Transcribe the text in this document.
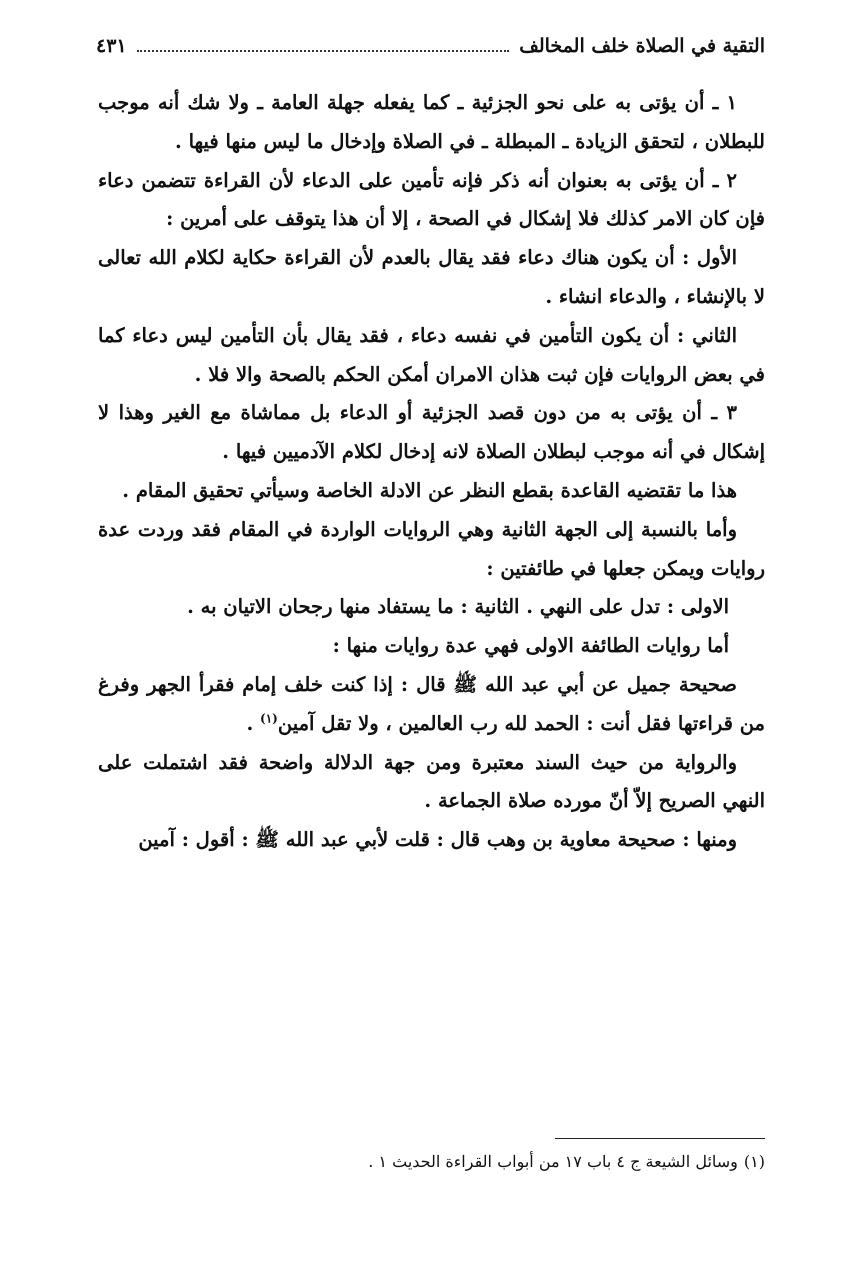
التقية في الصلاة خلف المخالف
٤٣١

١ ـ أن يؤتى به على نحو الجزئية ـ كما يفعله جهلة العامة ـ ولا شك أنه موجب للبطلان ، لتحقق الزيادة ـ المبطلة ـ في الصلاة وإدخال ما ليس منها فيها .

٢ ـ أن يؤتى به بعنوان أنه ذكر فإنه تأمين على الدعاء لأن القراءة تتضمن دعاء فإن كان الامر كذلك فلا إشكال في الصحة ، إلا أن هذا يتوقف على أمرين :

الأول : أن يكون هناك دعاء فقد يقال بالعدم لأن القراءة حكاية لكلام الله تعالى لا بالإنشاء ، والدعاء انشاء .

الثاني : أن يكون التأمين في نفسه دعاء ، فقد يقال بأن التأمين ليس دعاء كما في بعض الروايات فإن ثبت هذان الامران أمكن الحكم بالصحة والا فلا .

٣ ـ أن يؤتى به من دون قصد الجزئية أو الدعاء بل مماشاة مع الغير وهذا لا إشكال في أنه موجب لبطلان الصلاة لانه إدخال لكلام الآدميين فيها .

هذا ما تقتضيه القاعدة بقطع النظر عن الادلة الخاصة وسيأتي تحقيق المقام .

وأما بالنسبة إلى الجهة الثانية وهي الروايات الواردة في المقام فقد وردت عدة روايات ويمكن جعلها في طائفتين :

الاولى : تدل على النهي . الثانية : ما يستفاد منها رجحان الاتيان به .

أما روايات الطائفة الاولى فهي عدة روايات منها :

صحيحة جميل عن أبي عبد الله ﷺ قال : إذا كنت خلف إمام فقرأ الجهر وفرغ من قراءتها فقل أنت : الحمد لله رب العالمين ، ولا تقل آمين$^{(١)}$ .

والرواية من حيث السند معتبرة ومن جهة الدلالة واضحة فقد اشتملت على النهي الصريح إلاّ أنّ مورده صلاة الجماعة .

ومنها : صحيحة معاوية بن وهب قال : قلت لأبي عبد الله ﷺ : أقول : آمين

(١)وسائل الشيعة ج ٤ باب ١٧ من أبواب القراءة الحديث ١ .
